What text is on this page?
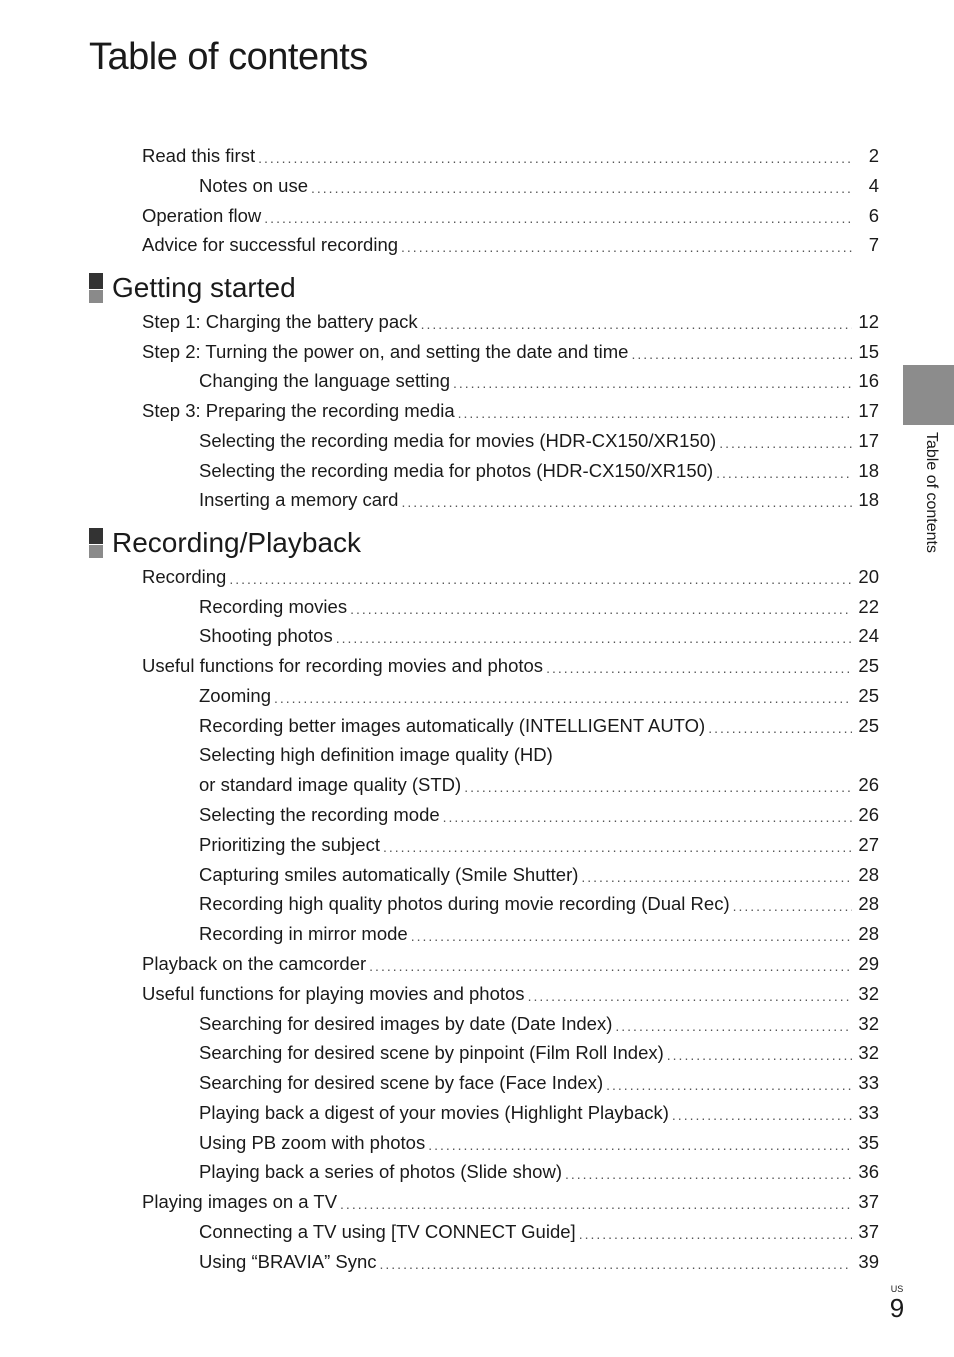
Table of contents
Read this first .....	2
Notes on use .....	4
Operation flow .....	6
Advice for successful recording .....	7
Getting started
Step 1: Charging the battery pack .....	12
Step 2: Turning the power on, and setting the date and time .....	15
Changing the language setting .....	16
Step 3: Preparing the recording media .....	17
Selecting the recording media for movies (HDR-CX150/XR150) .....	17
Selecting the recording media for photos (HDR-CX150/XR150) .....	18
Inserting a memory card .....	18
Recording/Playback
Recording .....	20
Recording movies .....	22
Shooting photos .....	24
Useful functions for recording movies and photos .....	25
Zooming .....	25
Recording better images automatically (INTELLIGENT AUTO) .....	25
Selecting high definition image quality (HD)
or standard image quality (STD) .....	26
Selecting the recording mode .....	26
Prioritizing the subject .....	27
Capturing smiles automatically (Smile Shutter) .....	28
Recording high quality photos during movie recording (Dual Rec) .....	28
Recording in mirror mode .....	28
Playback on the camcorder .....	29
Useful functions for playing movies and photos .....	32
Searching for desired images by date (Date Index) .....	32
Searching for desired scene by pinpoint (Film Roll Index) .....	32
Searching for desired scene by face (Face Index) .....	33
Playing back a digest of your movies (Highlight Playback) .....	33
Using PB zoom with photos .....	35
Playing back a series of photos (Slide show) .....	36
Playing images on a TV .....	37
Connecting a TV using [TV CONNECT Guide] .....	37
Using “BRAVIA” Sync .....	39
Table of contents
US
9
